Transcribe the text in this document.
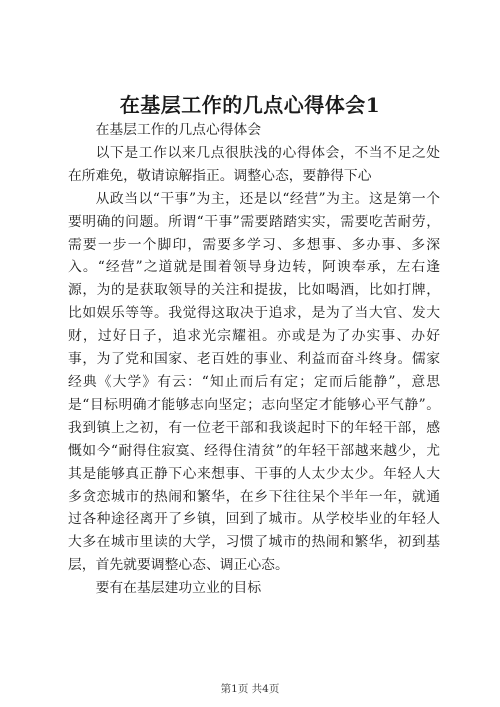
在基层工作的几点心得体会1

在基层工作的几点心得体会

以下是工作以来几点很肤浅的心得体会，不当不足之处在所难免，敬请谅解指正。调整心态，要静得下心

从政当以“干事”为主，还是以“经营”为主。这是第一个要明确的问题。所谓“干事”需要踏踏实实，需要吃苦耐劳，需要一步一个脚印，需要多学习、多想事、多办事、多深入。“经营”之道就是围着领导身边转，阿谀奉承，左右逢源，为的是获取领导的关注和提拔，比如喝酒，比如打牌，比如娱乐等等。我觉得这取决于追求，是为了当大官、发大财，过好日子，追求光宗耀祖。亦或是为了办实事、办好事，为了党和国家、老百姓的事业、利益而奋斗终身。儒家经典《大学》有云：“知止而后有定；定而后能静”，意思是“目标明确才能够志向坚定；志向坚定才能够心平气静”。我到镇上之初，有一位老干部和我谈起时下的年轻干部，感慨如今“耐得住寂寞、经得住清贫”的年轻干部越来越少，尤其是能够真正静下心来想事、干事的人太少太少。年轻人大多贪恋城市的热闹和繁华，在乡下往往呆个半年一年，就通过各种途径离开了乡镇，回到了城市。从学校毕业的年轻人大多在城市里读的大学，习惯了城市的热闹和繁华，初到基层，首先就要调整心态、调正心态。

要有在基层建功立业的目标

第1页 共4页
